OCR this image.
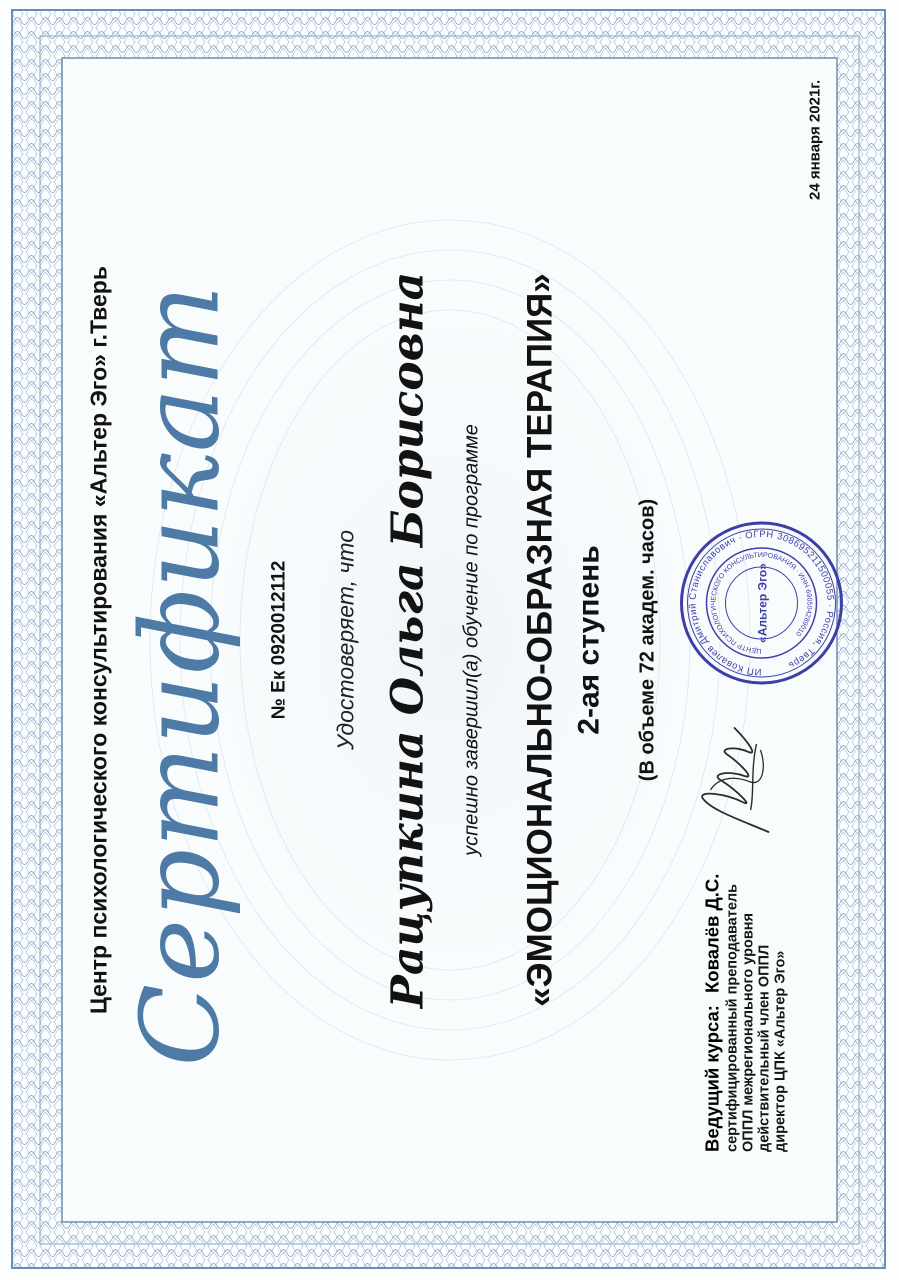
Центр психологического консультирования «Альтер Эго» г.Тверь Сертификат № Ек 0920012112 Удостоверяет, что Рацупкина Ольга Борисовна успешно завершил(а) обучение по программе «ЭМОЦИОНАЛЬНО-ОБРАЗНАЯ ТЕРАПИЯ» 2-ая ступень (В объеме 72 академ. часов)
Ведущий курса:Ковалёв Д.С. сертифицированный преподаватель ОППЛ межрегионального уровня действительный член ОППЛ директор ЦПК «Альтер Эго»
ИП Ковалев Дмитрий Станиславович · ОГРН 308695211500055 · Россия, Тверь
ЦЕНТР ПСИХОЛОГИЧЕСКОГО КОНСУЛЬТИРОВАНИЯ · ИНН 690504289010
«Альтер Эго»
24 января 2021г.
